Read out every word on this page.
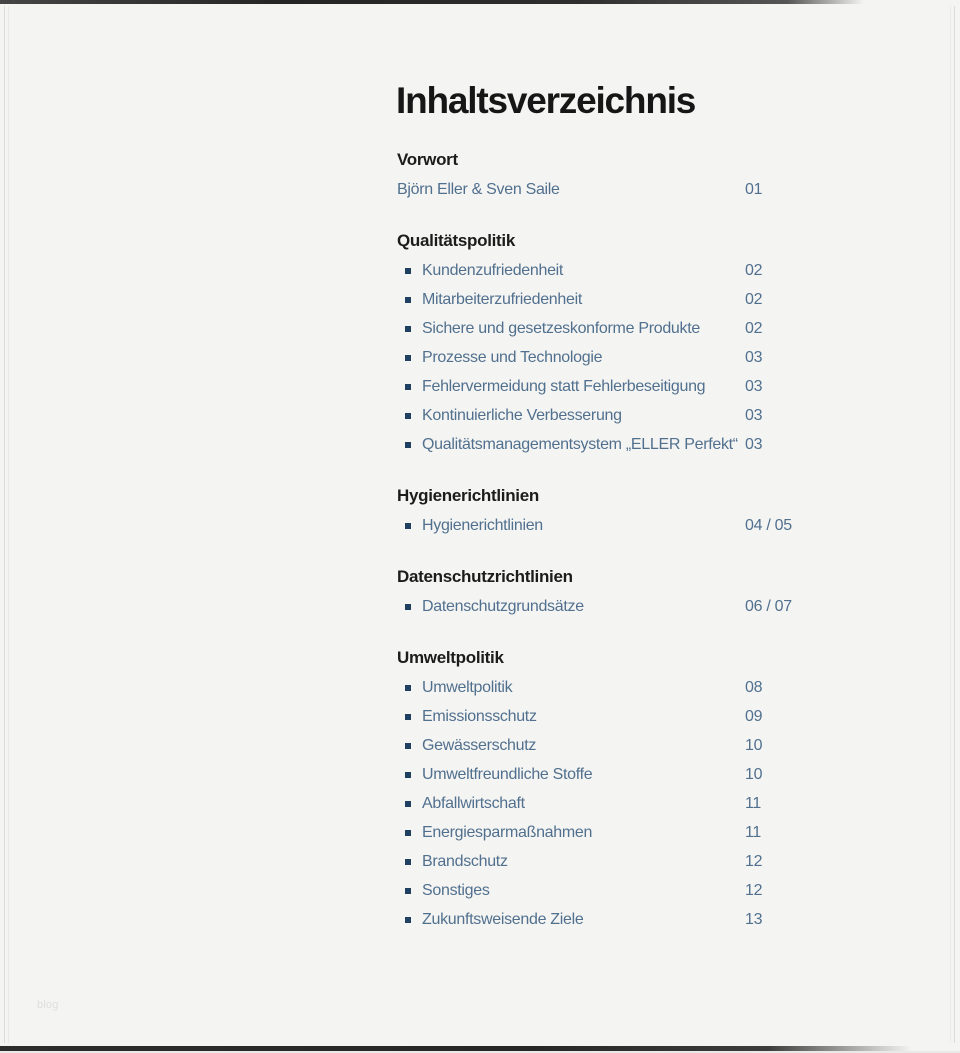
Inhaltsverzeichnis
Vorwort
Björn Eller & Sven Saile	01
Qualitätspolitik
Kundenzufriedenheit	02
Mitarbeiterzufriedenheit	02
Sichere und gesetzeskonforme Produkte	02
Prozesse und Technologie	03
Fehlervermeidung statt Fehlerbeseitigung 03
Kontinuierliche Verbesserung	03
Qualitätsmanagementsystem „ELLER Perfekt“ 03
Hygienerichtlinien
Hygienerichtlinien	04 / 05
Datenschutzrichtlinien
Datenschutzgrundsätze	06 / 07
Umweltpolitik
Umweltpolitik	08
Emissionsschutz	09
Gewässerschutz	10
Umweltfreundliche Stoffe	10
Abfallwirtschaft	11
Energiesparmaßnahmen	11
Brandschutz	12
Sonstiges	12
Zukunftsweisende Ziele	13
blog
